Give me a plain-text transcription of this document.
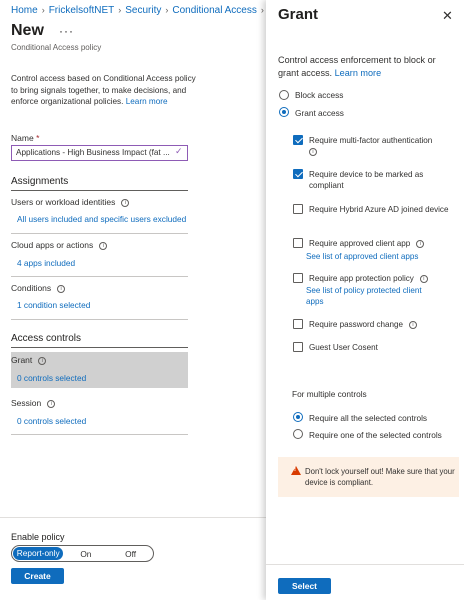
Home › FrickelsoftNET › Security › Conditional Access ›
New ···
Conditional Access policy
Control access based on Conditional Access policy to bring signals together, to make decisions, and enforce organizational policies. Learn more
Name *
Applications - High Business Impact (fat ... ✓
Assignments
Users or workload identities i
All users included and specific users excluded
Cloud apps or actions i
4 apps included
Conditions i
1 condition selected
Access controls
Grant i
0 controls selected
Session i
0 controls selected
Enable policy
Report-only	On	Off
Create
Grant	✕
Control access enforcement to block or grant access. Learn more
Block access
Grant access
Require multi-factor authentication
i
Require device to be marked as compliant
Require Hybrid Azure AD joined device
Require approved client app i
See list of approved client apps
Require app protection policy i
See list of policy protected client apps
Require password change i
Guest User Cosent
For multiple controls
Require all the selected controls
Require one of the selected controls
! Don't lock yourself out! Make sure that your device is compliant.
Select
